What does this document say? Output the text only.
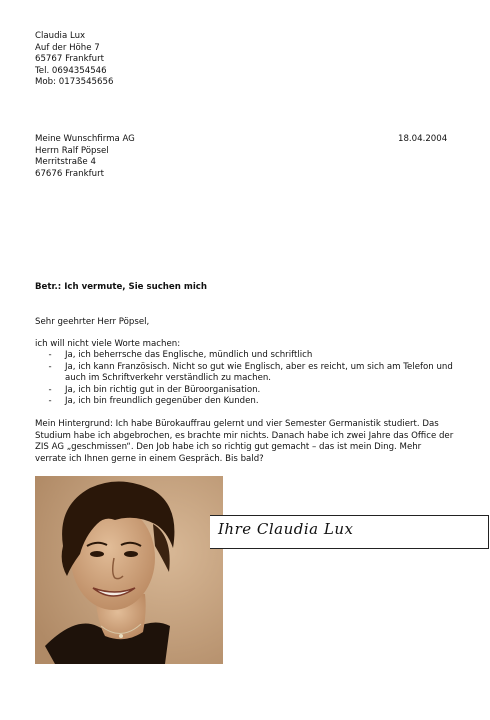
Claudia Lux
Auf der Höhe 7
65767 Frankfurt
Tel. 0694354546
Mob: 0173545656
Meine Wunschfirma AG
Herrn Ralf Pöpsel
Merritstraße 4
67676 Frankfurt
18.04.2004
Betr.: Ich vermute, Sie suchen mich
Sehr geehrter Herr Pöpsel,
ich will nicht viele Worte machen:
-	Ja, ich beherrsche das Englische, mündlich und schriftlich
-	Ja, ich kann Französisch. Nicht so gut wie Englisch, aber es reicht, um sich am Telefon und auch im Schriftverkehr verständlich zu machen.
-	Ja, ich bin richtig gut in der Büroorganisation.
-	Ja, ich bin freundlich gegenüber den Kunden.
Mein Hintergrund: Ich habe Bürokauffrau gelernt und vier Semester Germanistik studiert. Das Studium habe ich abgebrochen, es brachte mir nichts. Danach habe ich zwei Jahre das Office der ZIS AG „geschmissen“. Den Job habe ich so richtig gut gemacht – das ist mein Ding. Mehr verrate ich Ihnen gerne in einem Gespräch. Bis bald?
Ihre Claudia Lux
